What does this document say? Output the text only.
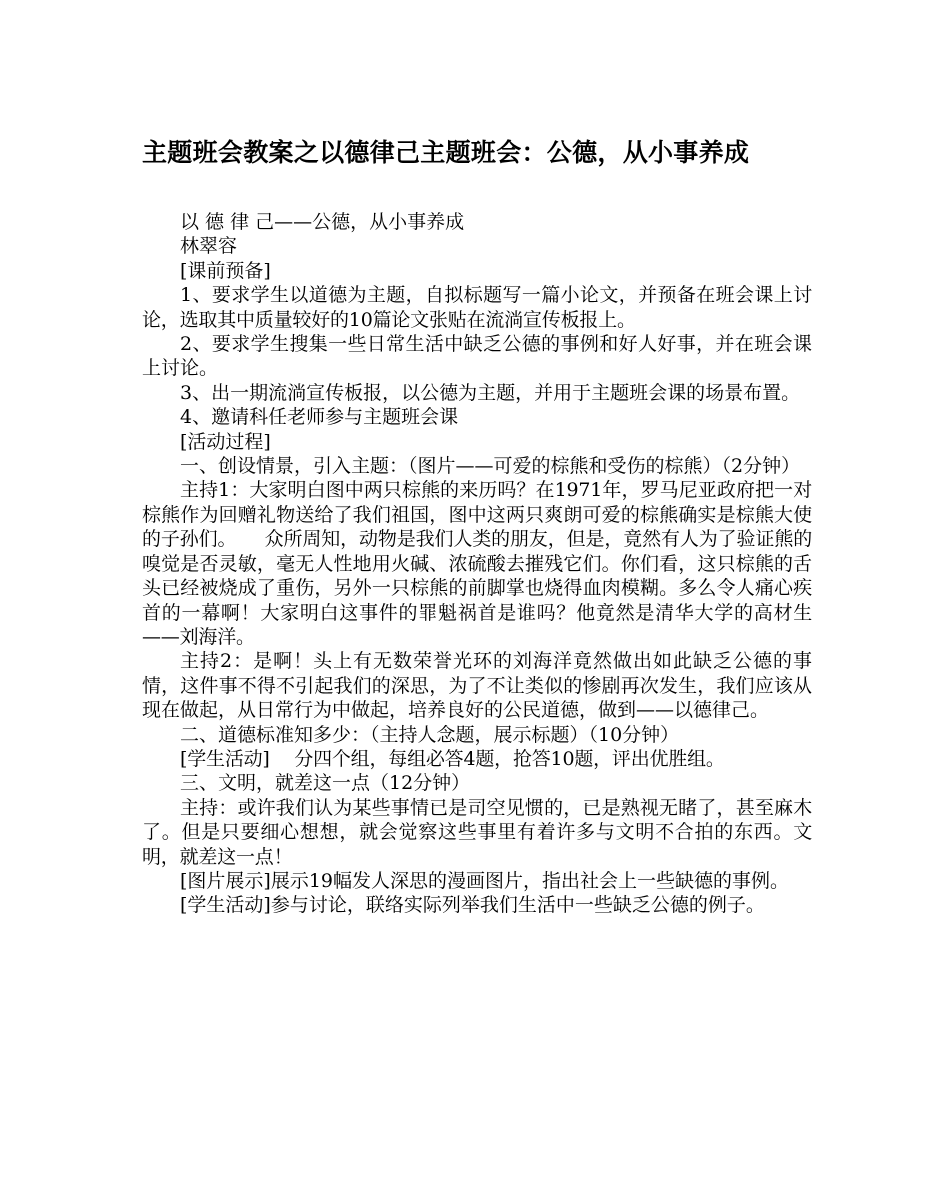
主题班会教案之以德律己主题班会：公德，从小事养成

以 德 律 己——公德，从小事养成

林翠容

[课前预备]

1、要求学生以道德为主题，自拟标题写一篇小论文，并预备在班会课上讨论，选取其中质量较好的10篇论文张贴在流淌宣传板报上。

2、要求学生搜集一些日常生活中缺乏公德的事例和好人好事，并在班会课上讨论。

3、出一期流淌宣传板报，以公德为主题，并用于主题班会课的场景布置。

4、邀请科任老师参与主题班会课

[活动过程]

一、创设情景，引入主题：（图片——可爱的棕熊和受伤的棕熊）（2分钟）

主持1：大家明白图中两只棕熊的来历吗？在1971年，罗马尼亚政府把一对棕熊作为回赠礼物送给了我们祖国，图中这两只爽朗可爱的棕熊确实是棕熊大使的子孙们。　　众所周知，动物是我们人类的朋友，但是，竟然有人为了验证熊的嗅觉是否灵敏，毫无人性地用火碱、浓硫酸去摧残它们。你们看，这只棕熊的舌头已经被烧成了重伤，另外一只棕熊的前脚掌也烧得血肉模糊。多么令人痛心疾首的一幕啊！大家明白这事件的罪魁祸首是谁吗？他竟然是清华大学的高材生——刘海洋。

主持2：是啊！头上有无数荣誉光环的刘海洋竟然做出如此缺乏公德的事情，这件事不得不引起我们的深思，为了不让类似的惨剧再次发生，我们应该从现在做起，从日常行为中做起，培养良好的公民道德，做到——以德律己。

二、道德标准知多少：（主持人念题，展示标题）（10分钟）

[学生活动]　 分四个组，每组必答4题，抢答10题，评出优胜组。

三、文明，就差这一点（12分钟）

主持：或许我们认为某些事情已是司空见惯的，已是熟视无睹了，甚至麻木了。但是只要细心想想，就会觉察这些事里有着许多与文明不合拍的东西。文明，就差这一点！

[图片展示]展示19幅发人深思的漫画图片，指出社会上一些缺德的事例。

[学生活动]参与讨论，联络实际列举我们生活中一些缺乏公德的例子。
